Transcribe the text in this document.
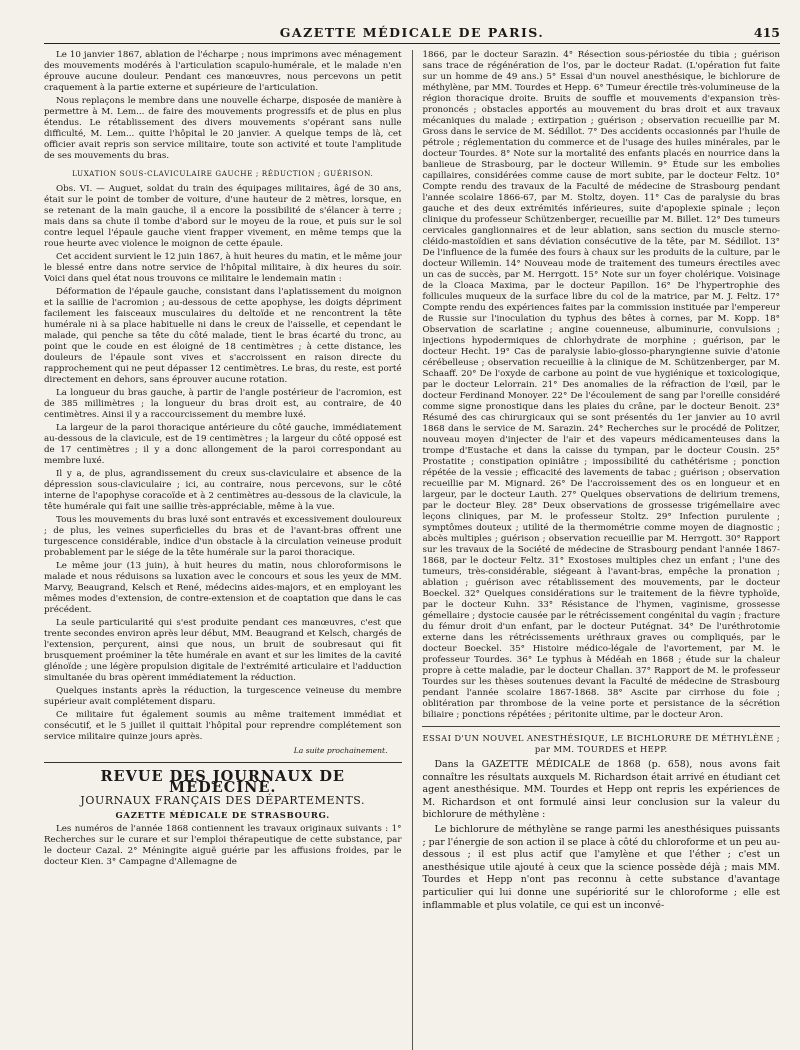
GAZETTE MÉDICALE DE PARIS.	415

Le 10 janvier 1867, ablation de l'écharpe ; nous imprimons avec ménagement des mouvements modérés à l'articulation scapulo-humérale, et le malade n'en éprouve aucune douleur. Pendant ces manœuvres, nous percevons un petit craquement à la partie externe et supérieure de l'articulation.

Nous replaçons le membre dans une nouvelle écharpe, disposée de manière à permettre à M. Lem... de faire des mouvements progressifs et de plus en plus étendus. Le rétablissement des divers mouvements s'opérant sans nulle difficulté, M. Lem... quitte l'hôpital le 20 janvier. A quelque temps de là, cet officier avait repris son service militaire, toute son activité et toute l'amplitude de ses mouvements du bras.

LUXATION SOUS-CLAVICULAIRE GAUCHE ; RÉDUCTION ; GUÉRISON.

Obs. VI. — Auguet, soldat du train des équipages militaires, âgé de 30 ans, était sur le point de tomber de voiture, d'une hauteur de 2 mètres, lorsque, en se retenant de la main gauche, il a encore la possibilité de s'élancer à terre ; mais dans sa chute il tombe d'abord sur le moyeu de la roue, et puis sur le sol contre lequel l'épaule gauche vient frapper vivement, en même temps que la roue heurte avec violence le moignon de cette épaule.

Cet accident survient le 12 juin 1867, à huit heures du matin, et le même jour le blessé entre dans notre service de l'hôpital militaire, à dix heures du soir. Voici dans quel état nous trouvons ce militaire le lendemain matin :

Déformation de l'épaule gauche, consistant dans l'aplatissement du moignon et la saillie de l'acromion ; au-dessous de cette apophyse, les doigts dépriment facilement les faisceaux musculaires du deltoïde et ne rencontrent la tête humérale ni à sa place habituelle ni dans le creux de l'aisselle, et cependant le malade, qui penche sa tête du côté malade, tient le bras écarté du tronc, au point que le coude en est éloigné de 18 centimètres ; à cette distance, les douleurs de l'épaule sont vives et s'accroissent en raison directe du rapprochement qui ne peut dépasser 12 centimètres. Le bras, du reste, est porté directement en dehors, sans éprouver aucune rotation.

La longueur du bras gauche, à partir de l'angle postérieur de l'acromion, est de 385 millimètres ; la longueur du bras droit est, au contraire, de 40 centimètres. Ainsi il y a raccourcissement du membre luxé.

La largeur de la paroi thoracique antérieure du côté gauche, immédiatement au-dessous de la clavicule, est de 19 centimètres ; la largeur du côté opposé est de 17 centimètres ; il y a donc allongement de la paroi correspondant au membre luxé.

Il y a, de plus, agrandissement du creux sus-claviculaire et absence de la dépression sous-claviculaire ; ici, au contraire, nous percevons, sur le côté interne de l'apophyse coracoïde et à 2 centimètres au-dessous de la clavicule, la tête humérale qui fait une saillie très-appréciable, même à la vue.

Tous les mouvements du bras luxé sont entravés et excessivement douloureux ; de plus, les veines superficielles du bras et de l'avant-bras offrent une turgescence considérable, indice d'un obstacle à la circulation veineuse produit probablement par le siége de la tête humérale sur la paroi thoracique.

Le même jour (13 juin), à huit heures du matin, nous chloroformisons le malade et nous réduisons sa luxation avec le concours et sous les yeux de MM. Marvy, Beaugrand, Kelsch et René, médecins aides-majors, et en employant les mêmes modes d'extension, de contre-extension et de coaptation que dans le cas précédent.

La seule particularité qui s'est produite pendant ces manœuvres, c'est que trente secondes environ après leur début, MM. Beaugrand et Kelsch, chargés de l'extension, perçurent, ainsi que nous, un bruit de soubresaut qui fit brusquement proéminer la tête humérale en avant et sur les limites de la cavité glénoïde ; une légère propulsion digitale de l'extrémité articulaire et l'adduction simultanée du bras opèrent immédiatement la réduction.

Quelques instants après la réduction, la turgescence veineuse du membre supérieur avait complétement disparu.

Ce militaire fut également soumis au même traitement immédiat et consécutif, et le 5 juillet il quittait l'hôpital pour reprendre complétement son service militaire quinze jours après.

La suite prochainement.
REVUE DES JOURNAUX DE MÉDECINE.
JOURNAUX FRANÇAIS DES DÉPARTEMENTS.
GAZETTE MÉDICALE DE STRASBOURG.

Les numéros de l'année 1868 contiennent les travaux originaux suivants : 1° Recherches sur le curare et sur l'emploi thérapeutique de cette substance, par le docteur Cazal. 2° Méningite aiguë guérie par les affusions froides, par le docteur Kien. 3° Campagne d'Allemagne de

1866, par le docteur Sarazin. 4° Résection sous-périostée du tibia ; guérison sans trace de régénération de l'os, par le docteur Radat. (L'opération fut faite sur un homme de 49 ans.) 5° Essai d'un nouvel anesthésique, le bichlorure de méthylène, par MM. Tourdes et Hepp. 6° Tumeur érectile très-volumineuse de la région thoracique droite. Bruits de souffle et mouvements d'expansion très-prononcés ; obstacles apportés au mouvement du bras droit et aux travaux mécaniques du malade ; extirpation ; guérison ; observation recueillie par M. Gross dans le service de M. Sédillot. 7° Des accidents occasionnés par l'huile de pétrole ; réglementation du commerce et de l'usage des huiles minérales, par le docteur Tourdes. 8° Note sur la mortalité des enfants placés en nourrice dans la banlieue de Strasbourg, par le docteur Willemin. 9° Étude sur les embolies capillaires, considérées comme cause de mort subite, par le docteur Feltz. 10° Compte rendu des travaux de la Faculté de médecine de Strasbourg pendant l'année scolaire 1866-67, par M. Stoltz, doyen. 11° Cas de paralysie du bras gauche et des deux extrémités inférieures, suite d'apoplexie spinale ; leçon clinique du professeur Schützenberger, recueillie par M. Billet. 12° Des tumeurs cervicales ganglionnaires et de leur ablation, sans section du muscle sterno-cléido-mastoïdien et sans déviation consécutive de la tête, par M. Sédillot. 13° De l'influence de la fumée des fours à chaux sur les produits de la culture, par le docteur Willemin. 14° Nouveau mode de traitement des tumeurs érectiles avec un cas de succès, par M. Herrgott. 15° Note sur un foyer cholérique. Voisinage de la Cloaca Maxima, par le docteur Papillon. 16° De l'hypertrophie des follicules muqueux de la surface libre du col de la matrice, par M. J. Feltz. 17° Compte rendu des expériences faites par la commission instituée par l'empereur de Russie sur l'inoculation du typhus des bêtes à cornes, par M. Kopp. 18° Observation de scarlatine ; angine couenneuse, albuminurie, convulsions ; injections hypodermiques de chlorhydrate de morphine ; guérison, par le docteur Hecht. 19° Cas de paralysie labio-glosso-pharyngienne suivie d'atonie cérébelleuse ; observation recueillie à la clinique de M. Schützenberger, par M. Schaaff. 20° De l'oxyde de carbone au point de vue hygiénique et toxicologique, par le docteur Lelorrain. 21° Des anomalies de la réfraction de l'œil, par le docteur Ferdinand Monoyer. 22° De l'écoulement de sang par l'oreille considéré comme signe pronostique dans les plaies du crâne, par le docteur Benoit. 23° Résumé des cas chirurgicaux qui se sont présentés du 1er janvier au 10 avril 1868 dans le service de M. Sarazin. 24° Recherches sur le procédé de Politzer, nouveau moyen d'injecter de l'air et des vapeurs médicamenteuses dans la trompe d'Eustache et dans la caisse du tympan, par le docteur Cousin. 25° Prostatite ; constipation opiniâtre ; impossibilité du cathétérisme ; ponction répétée de la vessie ; efficacité des lavements de tabac ; guérison ; observation recueillie par M. Mignard. 26° De l'accroissement des os en longueur et en largeur, par le docteur Lauth. 27° Quelques observations de delirium tremens, par le docteur Bley. 28° Deux observations de grossesse trigémellaire avec leçons cliniques, par M. le professeur Stoltz. 29° Infection purulente ; symptômes douteux ; utilité de la thermométrie comme moyen de diagnostic ; abcès multiples ; guérison ; observation recueillie par M. Herrgott. 30° Rapport sur les travaux de la Société de médecine de Strasbourg pendant l'année 1867-1868, par le docteur Feltz. 31° Exostoses multiples chez un enfant ; l'une des tumeurs, très-considérable, siégeant à l'avant-bras, empêche la pronation ; ablation ; guérison avec rétablissement des mouvements, par le docteur Boeckel. 32° Quelques considérations sur le traitement de la fièvre typhoïde, par le docteur Kuhn. 33° Résistance de l'hymen, vaginisme, grossesse gémellaire ; dystocie causée par le rétrécissement congénital du vagin ; fracture du fémur droit d'un enfant, par le docteur Putégnat. 34° De l'uréthrotomie externe dans les rétrécissements uréthraux graves ou compliqués, par le docteur Boeckel. 35° Histoire médico-légale de l'avortement, par M. le professeur Tourdes. 36° Le typhus à Médéah en 1868 ; étude sur la chaleur propre à cette maladie, par le docteur Challan. 37° Rapport de M. le professeur Tourdes sur les thèses soutenues devant la Faculté de médecine de Strasbourg pendant l'année scolaire 1867-1868. 38° Ascite par cirrhose du foie ; oblitération par thrombose de la veine porte et persistance de la sécrétion biliaire ; ponctions répétées ; péritonite ultime, par le docteur Aron.

ESSAI D'UN NOUVEL ANESTHÉSIQUE, LE BICHLORURE DE MÉTHYLÈNE ;
par MM. TOURDES et HEPP.

Dans la GAZETTE MÉDICALE de 1868 (p. 658), nous avons fait connaître les résultats auxquels M. Richardson était arrivé en étudiant cet agent anesthésique. MM. Tourdes et Hepp ont repris les expériences de M. Richardson et ont formulé ainsi leur conclusion sur la valeur du bichlorure de méthylène :

Le bichlorure de méthylène se range parmi les anesthésiques puissants ; par l'énergie de son action il se place à côté du chloroforme et un peu au-dessous ; il est plus actif que l'amylène et que l'éther ; c'est un anesthésique utile ajouté à ceux que la science possède déjà ; mais MM. Tourdes et Hepp n'ont pas reconnu à cette substance d'avantage particulier qui lui donne une supériorité sur le chloroforme ; elle est inflammable et plus volatile, ce qui est un inconvé-
